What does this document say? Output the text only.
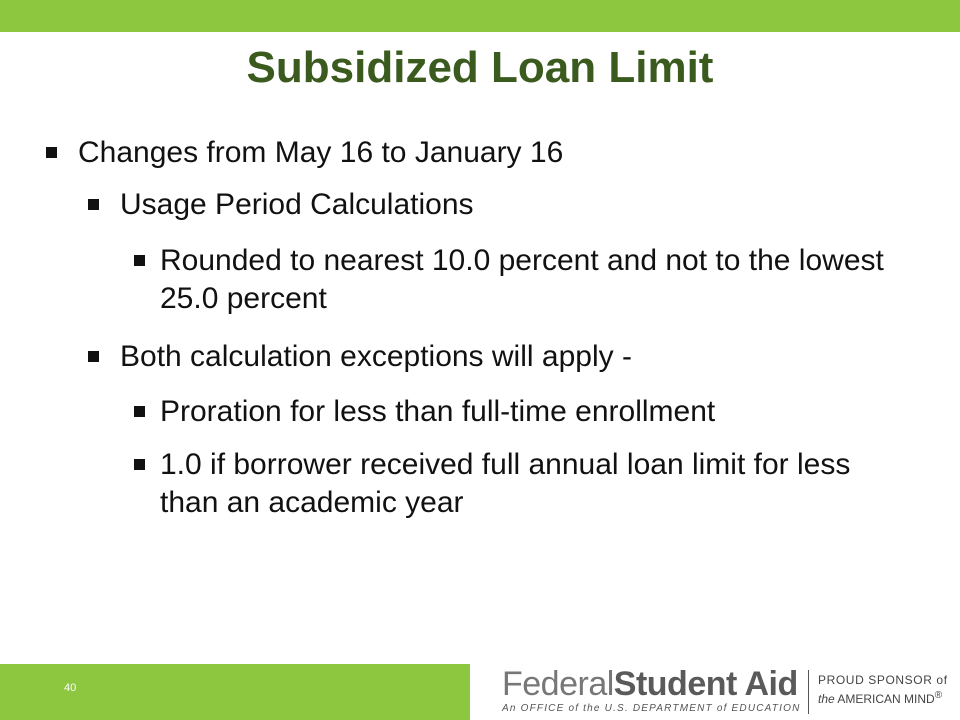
Subsidized Loan Limit
Changes from May 16 to January 16
Usage Period Calculations
Rounded to nearest 10.0 percent and not to the lowest 25.0 percent
Both calculation exceptions will apply -
Proration for less than full-time enrollment
1.0 if borrower received full annual loan limit for less than an academic year
40	FederalStudent Aid
An OFFICE of the U.S. DEPARTMENT of EDUCATION
PROUD SPONSOR of
the AMERICAN MIND®
